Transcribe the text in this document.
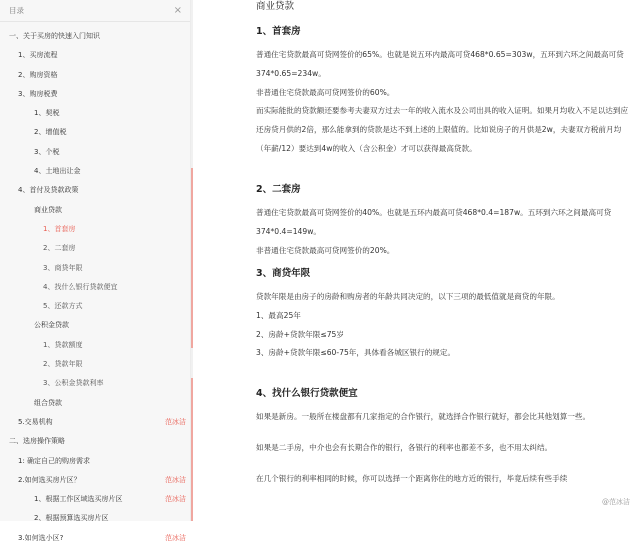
目录	×
一、关于买房的快速入门知识
1、买房流程
2、购房资格
3、购房税费
1、契税
2、增值税
3、个税
4、土地出让金
4、首付及贷款政策
商业贷款
1、首套房
2、二套房
3、商贷年限
4、找什么银行贷款便宜
5、还款方式
公积金贷款
1、贷款额度
2、贷款年限
3、公积金贷款利率
组合贷款
5.交易机构	范冰洁
二、选房操作策略
1: 确定自己的购房需求
2.如何选买房片区？	范冰洁
1、根据工作区域选买房片区	范冰洁
2、根据预算选买房片区
3.如何选小区?	范冰洁
商业贷款
1、首套房

普通住宅贷款最高可贷网签价的65%。也就是说五环内最高可贷468*0.65=303w，五环到六环之间最高可贷374*0.65=234w。

非普通住宅贷款最高可贷网签价的60%。

而实际能批的贷款额还要参考夫妻双方过去一年的收入流水及公司出具的收入证明。如果月均收入不足以达到应还房贷月供的2倍，那么能拿到的贷款是达不到上述的上限值的。比如说房子的月供是2w，夫妻双方税前月均（年薪/12）要达到4w的收入（含公积金）才可以获得最高贷款。

2、二套房

普通住宅贷款最高可贷网签价的40%。也就是五环内最高可贷468*0.4=187w。五环到六环之间最高可贷374*0.4=149w。

非普通住宅贷款最高可贷网签价的20%。

3、商贷年限

贷款年限是由房子的房龄和购房者的年龄共同决定的，以下三项的最低值就是商贷的年限。

1、最高25年

2、房龄+贷款年限≤75岁

3、房龄+贷款年限≤60-75年，具体看各城区银行的规定。

4、找什么银行贷款便宜

如果是新房。一般所在楼盘都有几家指定的合作银行，就选择合作银行就好，都会比其他划算一些。

如果是二手房，中介也会有长期合作的银行，各银行的利率也都差不多，也不用太纠结。

在几个银行的利率相同的时候，你可以选择一个距离你住的地方近的银行，毕竟后续有些手续

@范冰洁
